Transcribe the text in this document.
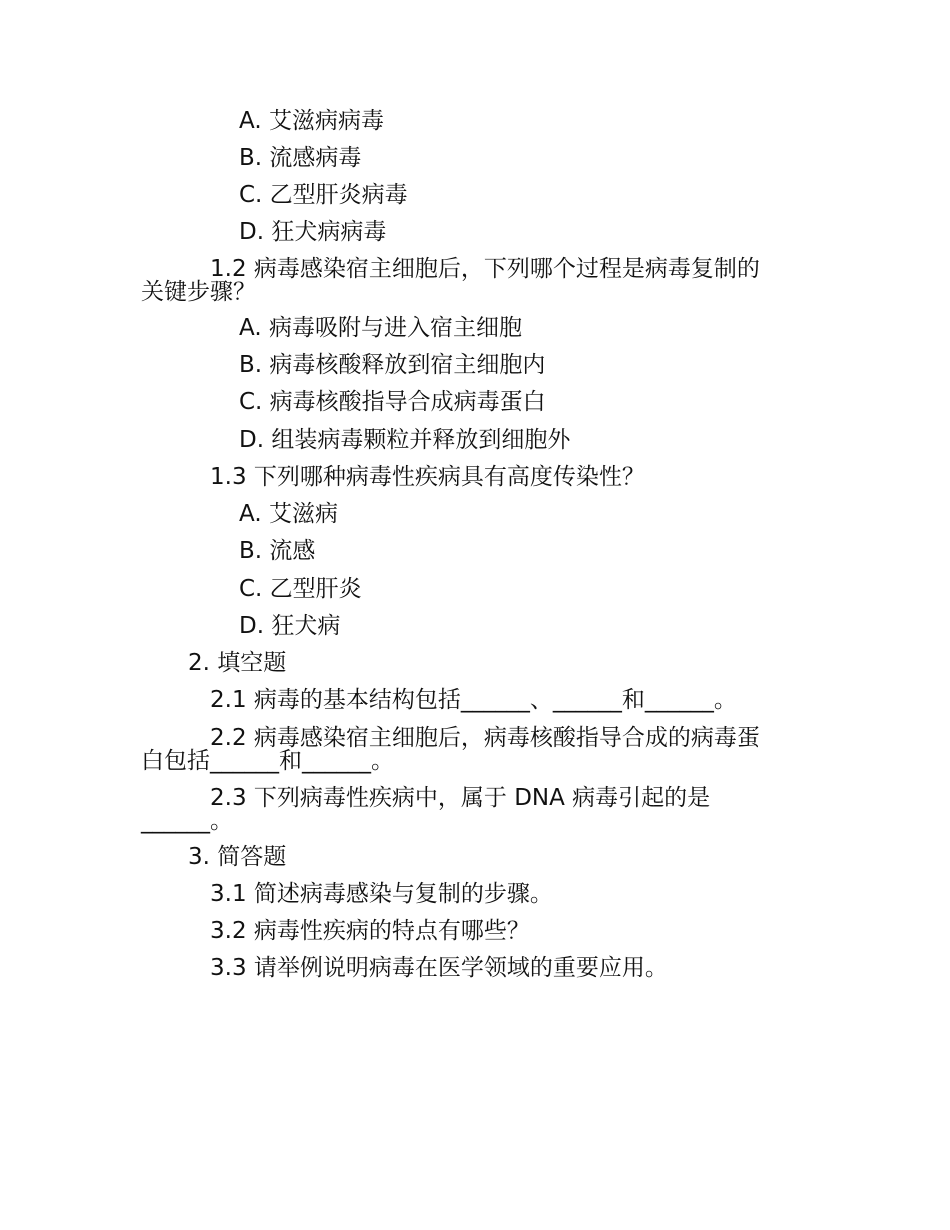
A. 艾滋病病毒
B. 流感病毒
C. 乙型肝炎病毒
D. 狂犬病病毒
1.2 病毒感染宿主细胞后，下列哪个过程是病毒复制的
关键步骤？
A. 病毒吸附与进入宿主细胞
B. 病毒核酸释放到宿主细胞内
C. 病毒核酸指导合成病毒蛋白
D. 组装病毒颗粒并释放到细胞外
1.3 下列哪种病毒性疾病具有高度传染性？
A. 艾滋病
B. 流感
C. 乙型肝炎
D. 狂犬病
2. 填空题
2.1 病毒的基本结构包括______、______和______。
2.2 病毒感染宿主细胞后，病毒核酸指导合成的病毒蛋
白包括______和______。
2.3 下列病毒性疾病中，属于 DNA 病毒引起的是
______。
3. 简答题
3.1 简述病毒感染与复制的步骤。
3.2 病毒性疾病的特点有哪些？
3.3 请举例说明病毒在医学领域的重要应用。
